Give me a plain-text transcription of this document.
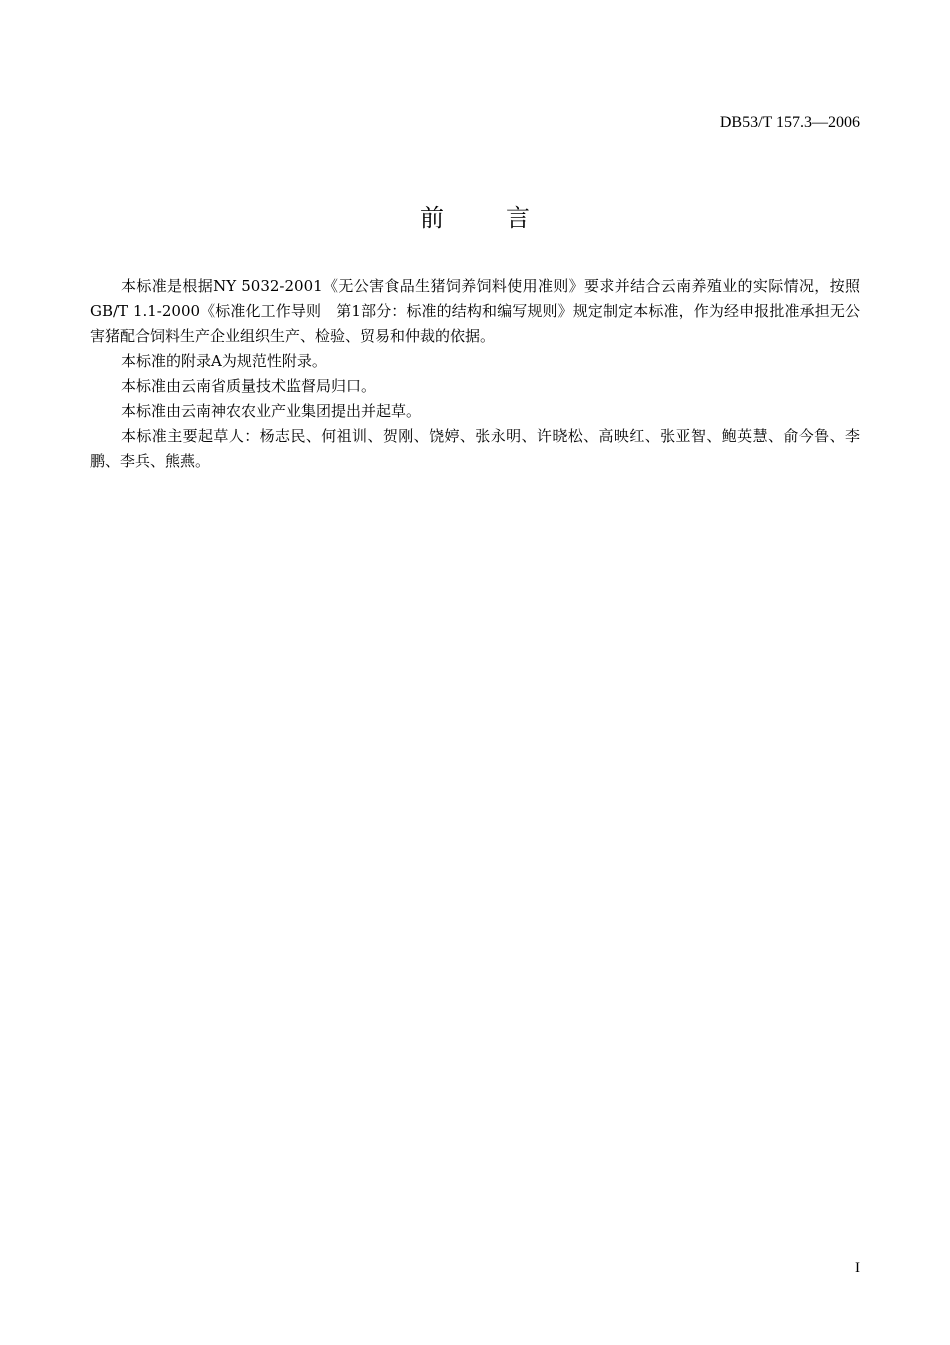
DB53/T 157.3—2006
前	言

本标准是根据NY 5032-2001《无公害食品生猪饲养饲料使用准则》要求并结合云南养殖业的实际情况，按照GB/T 1.1-2000《标准化工作导则　第1部分：标准的结构和编写规则》规定制定本标准，作为经申报批准承担无公害猪配合饲料生产企业组织生产、检验、贸易和仲裁的依据。

本标准的附录A为规范性附录。

本标准由云南省质量技术监督局归口。

本标准由云南神农农业产业集团提出并起草。

本标准主要起草人：杨志民、何祖训、贺刚、饶婷、张永明、许晓松、高映红、张亚智、鲍英慧、俞今鲁、李鹏、李兵、熊燕。

I
